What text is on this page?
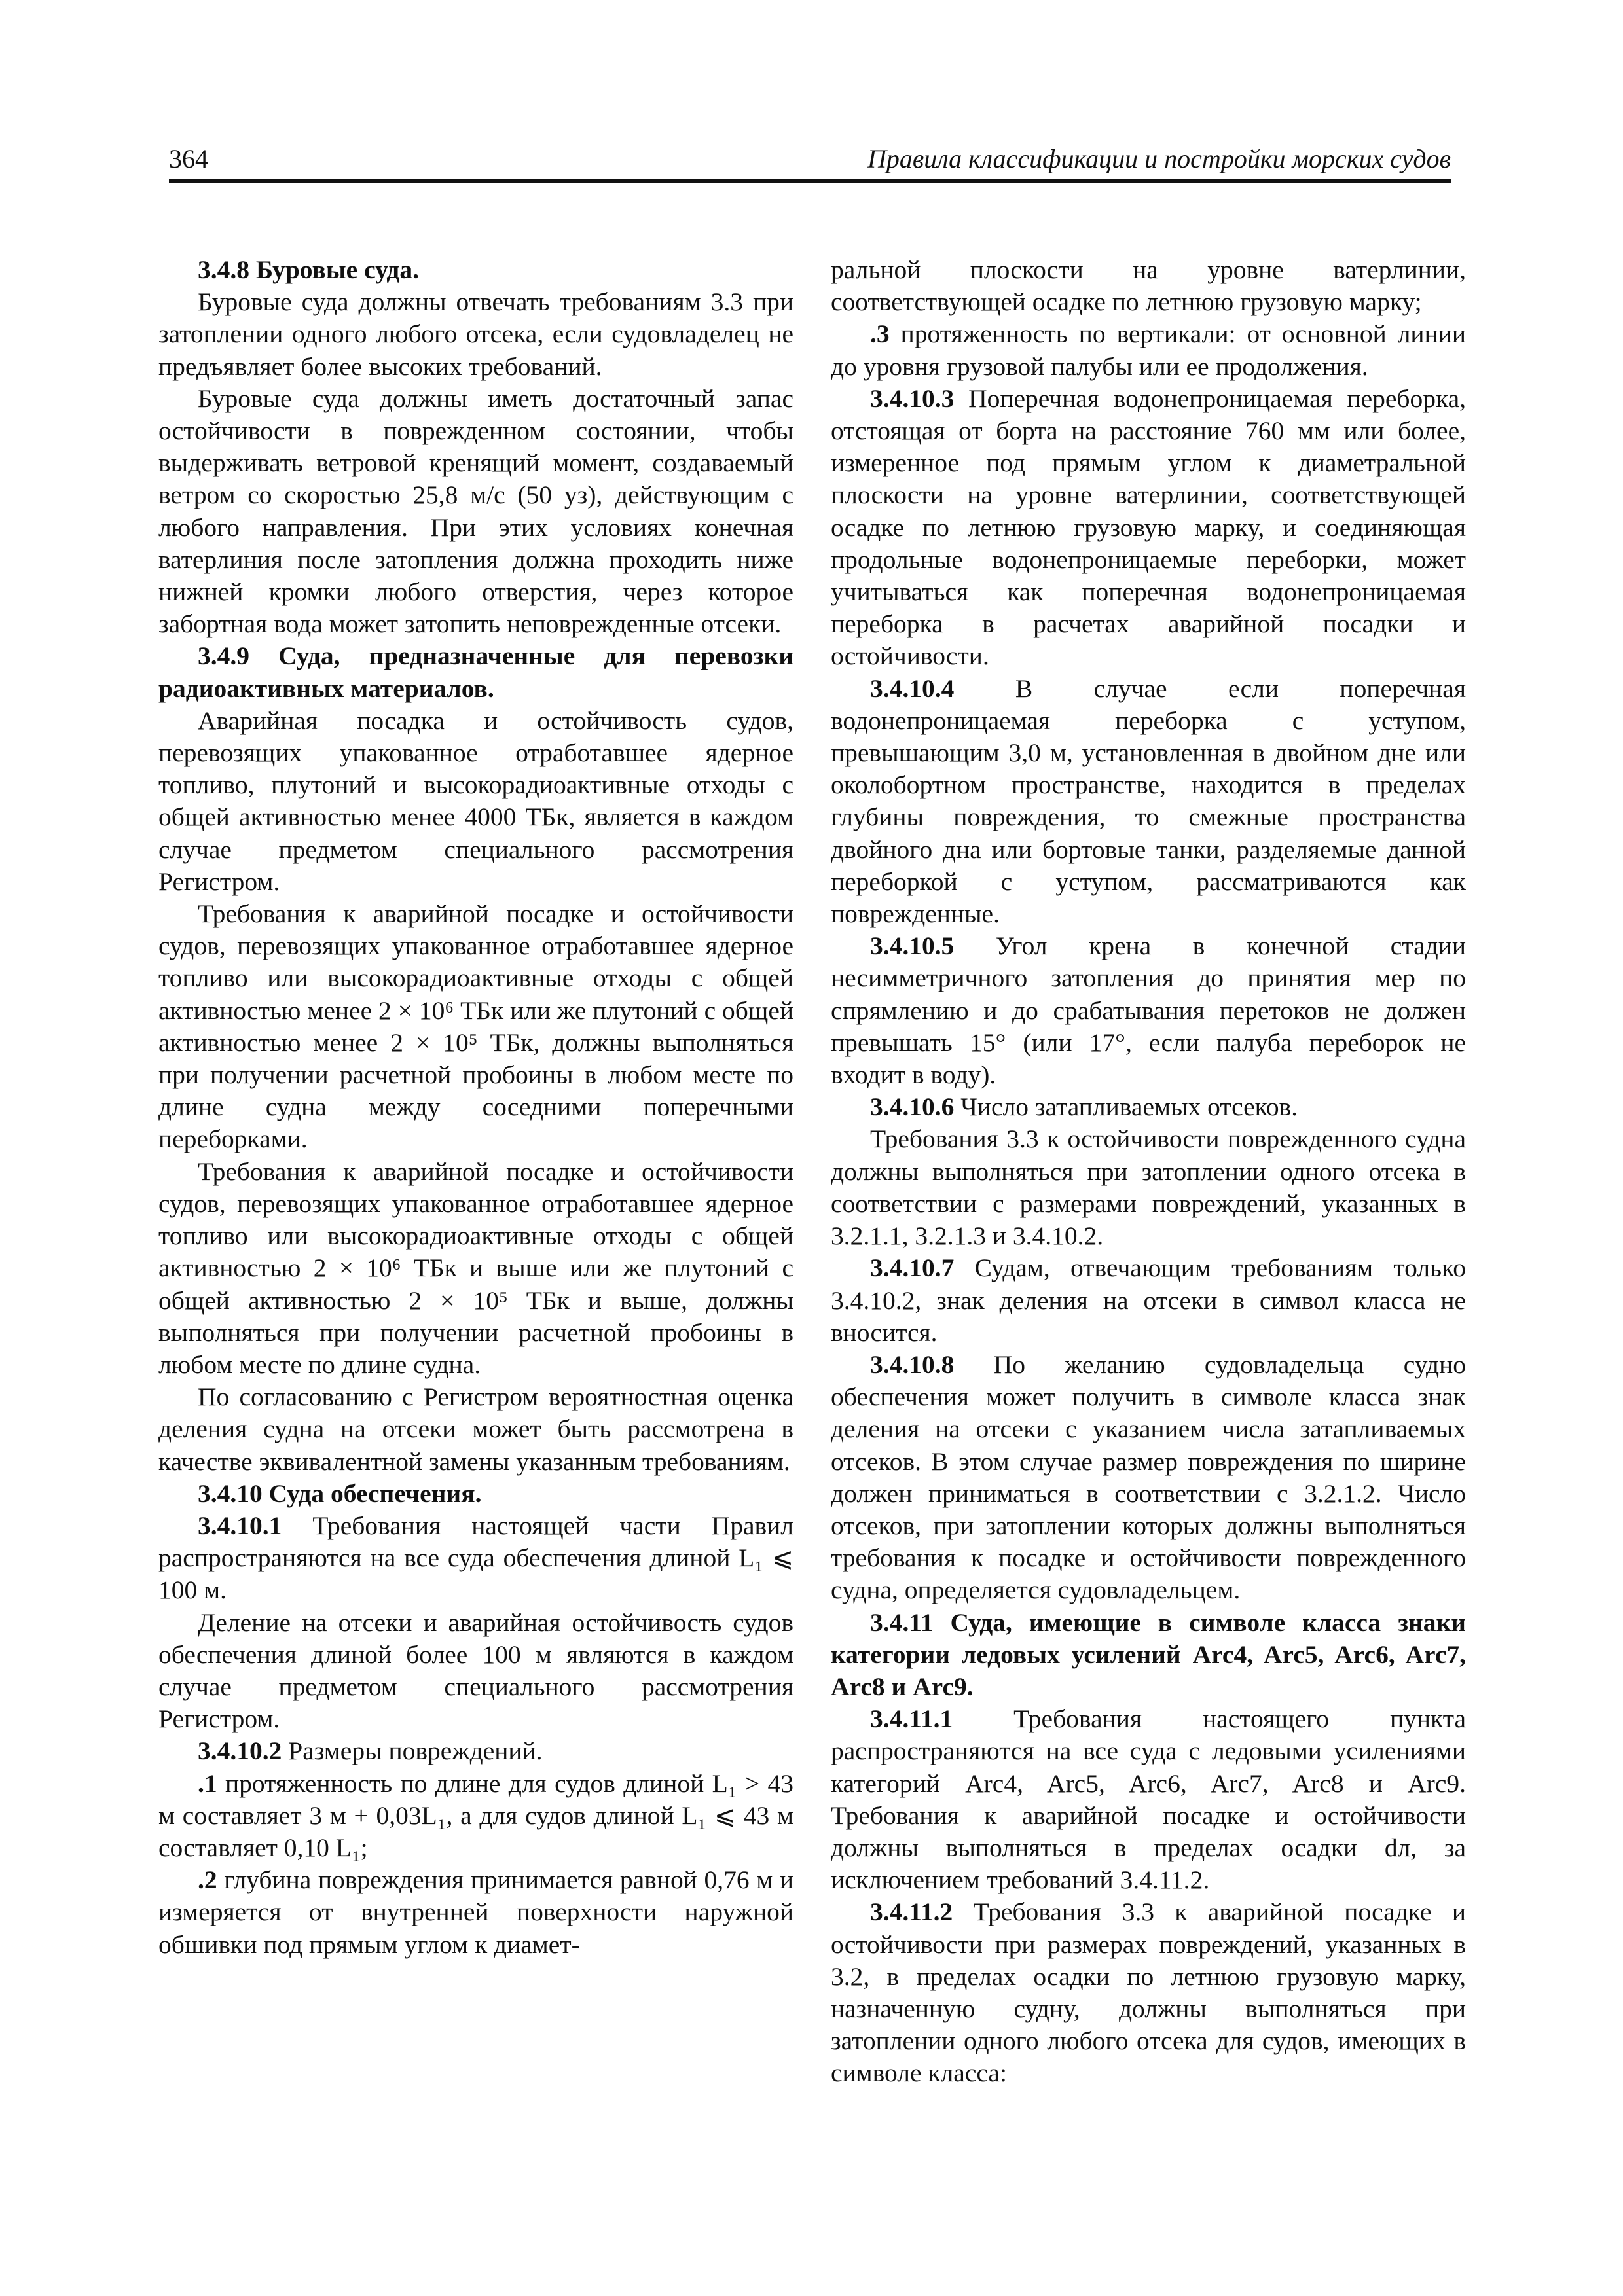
364	Правила классификации и постройки морских судов

3.4.8 Буровые суда.

Буровые суда должны отвечать требованиям 3.3 при затоплении одного любого отсека, если судовладелец не предъявляет более высоких требований.

Буровые суда должны иметь достаточный запас остойчивости в поврежденном состоянии, чтобы выдерживать ветровой кренящий момент, создаваемый ветром со скоростью 25,8 м/с (50 уз), действующим с любого направления. При этих условиях конечная ватерлиния после затопления должна проходить ниже нижней кромки любого отверстия, через которое забортная вода может затопить неповрежденные отсеки.

3.4.9 Суда, предназначенные для перевозки радиоактивных материалов.

Аварийная посадка и остойчивость судов, перевозящих упакованное отработавшее ядерное топливо, плутоний и высокорадиоактивные отходы с общей активностью менее 4000 ТБк, является в каждом случае предметом специального рассмотрения Регистром.

Требования к аварийной посадке и остойчивости судов, перевозящих упакованное отработавшее ядерное топливо или высокорадиоактивные отходы с общей активностью менее 2 × 10⁶ ТБк или же плутоний с общей активностью менее 2 × 10⁵ ТБк, должны выполняться при получении расчетной пробоины в любом месте по длине судна между соседними поперечными переборками.

Требования к аварийной посадке и остойчивости судов, перевозящих упакованное отработавшее ядерное топливо или высокорадиоактивные отходы с общей активностью 2 × 10⁶ ТБк и выше или же плутоний с общей активностью 2 × 10⁵ ТБк и выше, должны выполняться при получении расчетной пробоины в любом месте по длине судна.

По согласованию с Регистром вероятностная оценка деления судна на отсеки может быть рассмотрена в качестве эквивалентной замены указанным требованиям.

3.4.10 Суда обеспечения.

3.4.10.1 Требования настоящей части Правил распространяются на все суда обеспечения длиной L₁ ⩽ 100 м.

Деление на отсеки и аварийная остойчивость судов обеспечения длиной более 100 м являются в каждом случае предметом специального рассмотрения Регистром.

3.4.10.2 Размеры повреждений.

.1 протяженность по длине для судов длиной L₁ > 43 м составляет 3 м + 0,03L₁, а для судов длиной L₁ ⩽ 43 м составляет 0,10 L₁;

.2 глубина повреждения принимается равной 0,76 м и измеряется от внутренней поверхности наружной обшивки под прямым углом к диамет-

ральной плоскости на уровне ватерлинии, соответствующей осадке по летнюю грузовую марку;

.3 протяженность по вертикали: от основной линии до уровня грузовой палубы или ее продолжения.

3.4.10.3 Поперечная водонепроницаемая переборка, отстоящая от борта на расстояние 760 мм или более, измеренное под прямым углом к диаметральной плоскости на уровне ватерлинии, соответствующей осадке по летнюю грузовую марку, и соединяющая продольные водонепроницаемые переборки, может учитываться как поперечная водонепроницаемая переборка в расчетах аварийной посадки и остойчивости.

3.4.10.4 В случае если поперечная водонепроницаемая переборка с уступом, превышающим 3,0 м, установленная в двойном дне или околобортном пространстве, находится в пределах глубины повреждения, то смежные пространства двойного дна или бортовые танки, разделяемые данной переборкой с уступом, рассматриваются как поврежденные.

3.4.10.5 Угол крена в конечной стадии несимметричного затопления до принятия мер по спрямлению и до срабатывания перетоков не должен превышать 15° (или 17°, если палуба переборок не входит в воду).

3.4.10.6 Число затапливаемых отсеков.

Требования 3.3 к остойчивости поврежденного судна должны выполняться при затоплении одного отсека в соответствии с размерами повреждений, указанных в 3.2.1.1, 3.2.1.3 и 3.4.10.2.

3.4.10.7 Судам, отвечающим требованиям только 3.4.10.2, знак деления на отсеки в символ класса не вносится.

3.4.10.8 По желанию судовладельца судно обеспечения может получить в символе класса знак деления на отсеки с указанием числа затапливаемых отсеков. В этом случае размер повреждения по ширине должен приниматься в соответствии с 3.2.1.2. Число отсеков, при затоплении которых должны выполняться требования к посадке и остойчивости поврежденного судна, определяется судовладельцем.

3.4.11 Суда, имеющие в символе класса знаки категории ледовых усилений Arc4, Arc5, Arc6, Arc7, Arc8 и Arc9.

3.4.11.1 Требования настоящего пункта распространяются на все суда с ледовыми усилениями категорий Arc4, Arc5, Arc6, Arc7, Arc8 и Arc9. Требования к аварийной посадке и остойчивости должны выполняться в пределах осадки dл, за исключением требований 3.4.11.2.

3.4.11.2 Требования 3.3 к аварийной посадке и остойчивости при размерах повреждений, указанных в 3.2, в пределах осадки по летнюю грузовую марку, назначенную судну, должны выполняться при затоплении одного любого отсека для судов, имеющих в символе класса:
